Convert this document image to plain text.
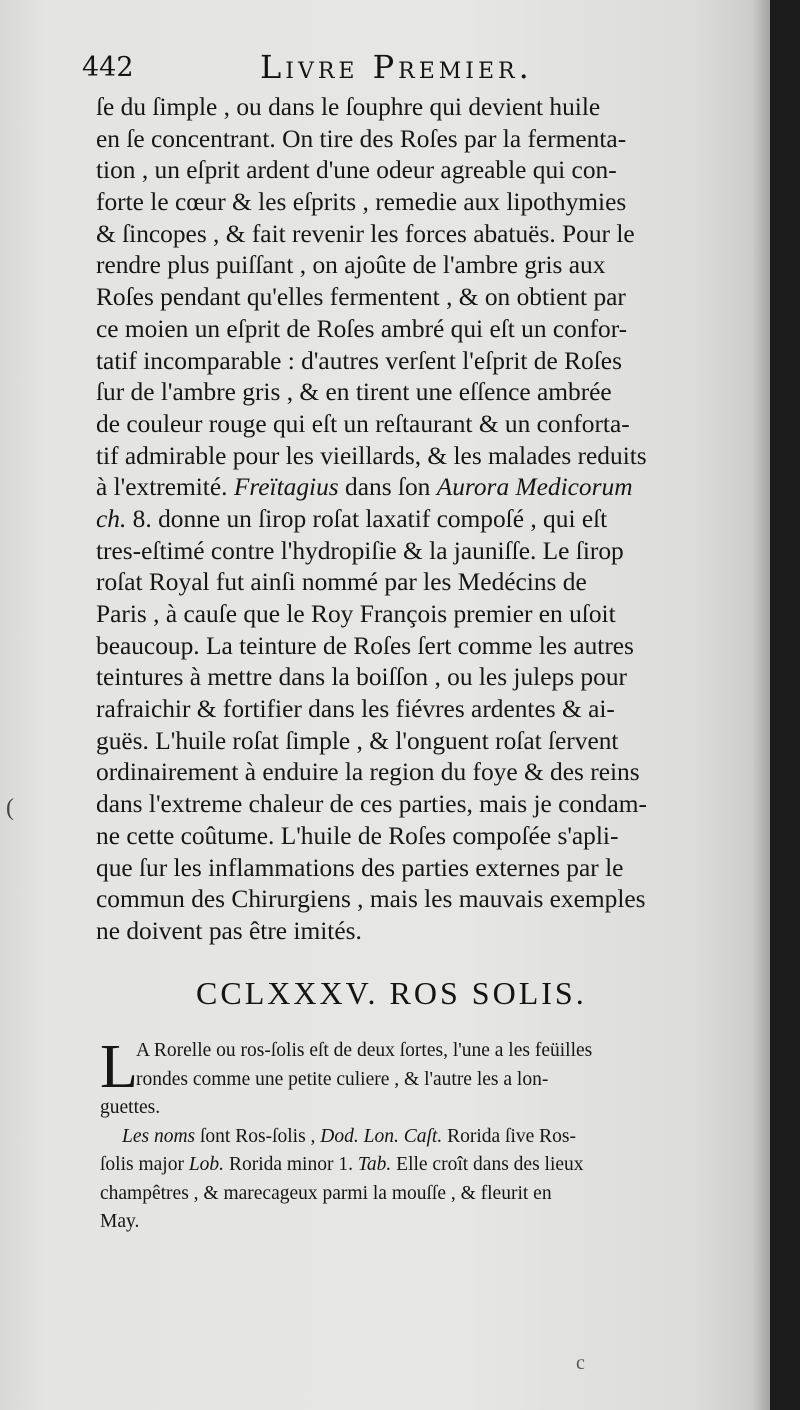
442	Livre Premier.
(
ſe du ſimple , ou dans le ſouphre qui devient huile
en ſe concentrant. On tire des Roſes par la fermenta-
tion , un eſprit ardent d'une odeur agreable qui con-
forte le cœur & les eſprits , remedie aux lipothymies
& ſincopes , & fait revenir les forces abatuës. Pour le
rendre plus puiſſant , on ajoûte de l'ambre gris aux
Roſes pendant qu'elles fermentent , & on obtient par
ce moien un eſprit de Roſes ambré qui eſt un confor-
tatif incomparable : d'autres verſent l'eſprit de Roſes
ſur de l'ambre gris , & en tirent une eſſence ambrée
de couleur rouge qui eſt un reſtaurant & un conforta-
tif admirable pour les vieillards, & les malades reduits
à l'extremité. Freïtagius dans ſon Aurora Medicorum
ch. 8. donne un ſirop roſat laxatif compoſé , qui eſt
tres-eſtimé contre l'hydropiſie & la jauniſſe. Le ſirop
roſat Royal fut ainſi nommé par les Medécins de
Paris , à cauſe que le Roy François premier en uſoit
beaucoup. La teinture de Roſes ſert comme les autres
teintures à mettre dans la boiſſon , ou les juleps pour
rafraichir & fortifier dans les fiévres ardentes & ai-
guës. L'huile roſat ſimple , & l'onguent roſat ſervent
ordinairement à enduire la region du foye & des reins
dans l'extreme chaleur de ces parties, mais je condam-
ne cette coûtume. L'huile de Roſes compoſée s'apli-
que ſur les inflammations des parties externes par le
commun des Chirurgiens , mais les mauvais exemples
ne doivent pas être imités.
CCLXXXV. ROS SOLIS.
L
A Rorelle ou ros-ſolis eſt de deux ſortes, l'une a les feüilles
rondes comme une petite culiere , & l'autre les a lon-
guettes.
Les noms ſont Ros-ſolis , Dod. Lon. Caſt. Rorida ſive Ros-
ſolis major Lob. Rorida minor 1. Tab. Elle croît dans des lieux
champêtres , & marecageux parmi la mouſſe , & fleurit en
May.
c
